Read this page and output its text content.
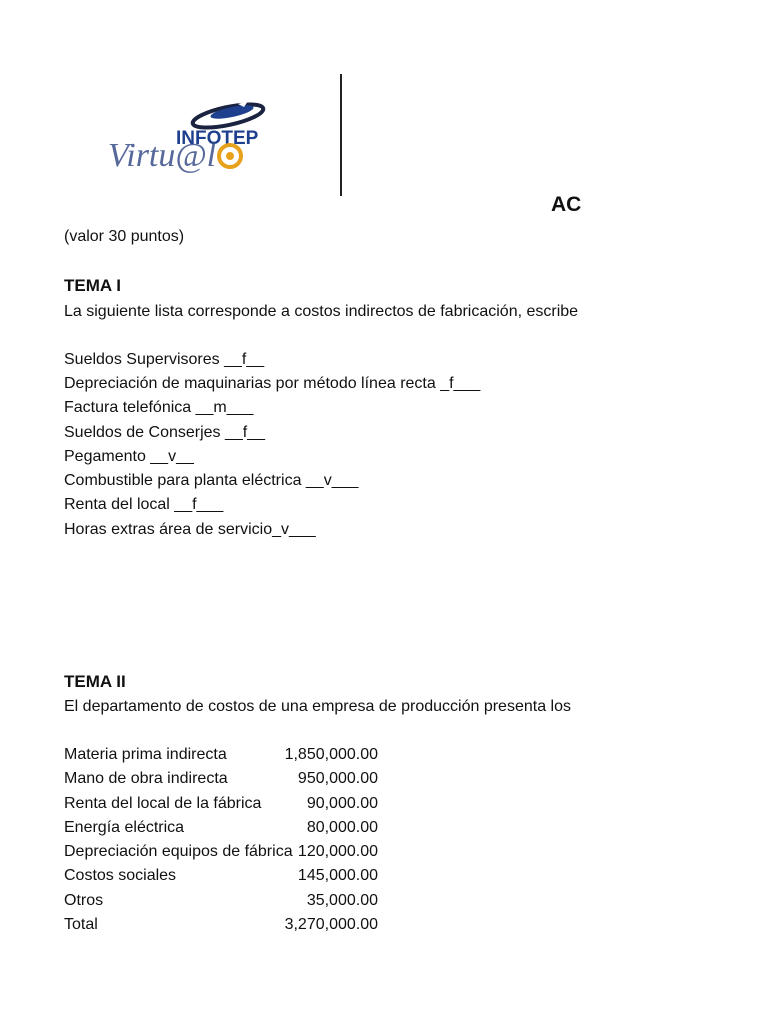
INFOTEP
Virtu@l
AC
(valor 30 puntos)
TEMA I
La siguiente lista corresponde a costos indirectos de fabricación, escribe
Sueldos Supervisores __f__
Depreciación de maquinarias por método línea recta _f___
Factura telefónica __m___
Sueldos de Conserjes __f__
Pegamento __v__
Combustible para planta eléctrica __v___
Renta del local __f___
Horas extras área de servicio_v___
TEMA II
El departamento de costos de una empresa de producción presenta los
Materia prima indirecta	1,850,000.00
Mano de obra indirecta	950,000.00
Renta del local de la fábrica	90,000.00
Energía eléctrica	80,000.00
Depreciación equipos de fábrica 120,000.00
Costos sociales	145,000.00
Otros	35,000.00
Total	3,270,000.00
